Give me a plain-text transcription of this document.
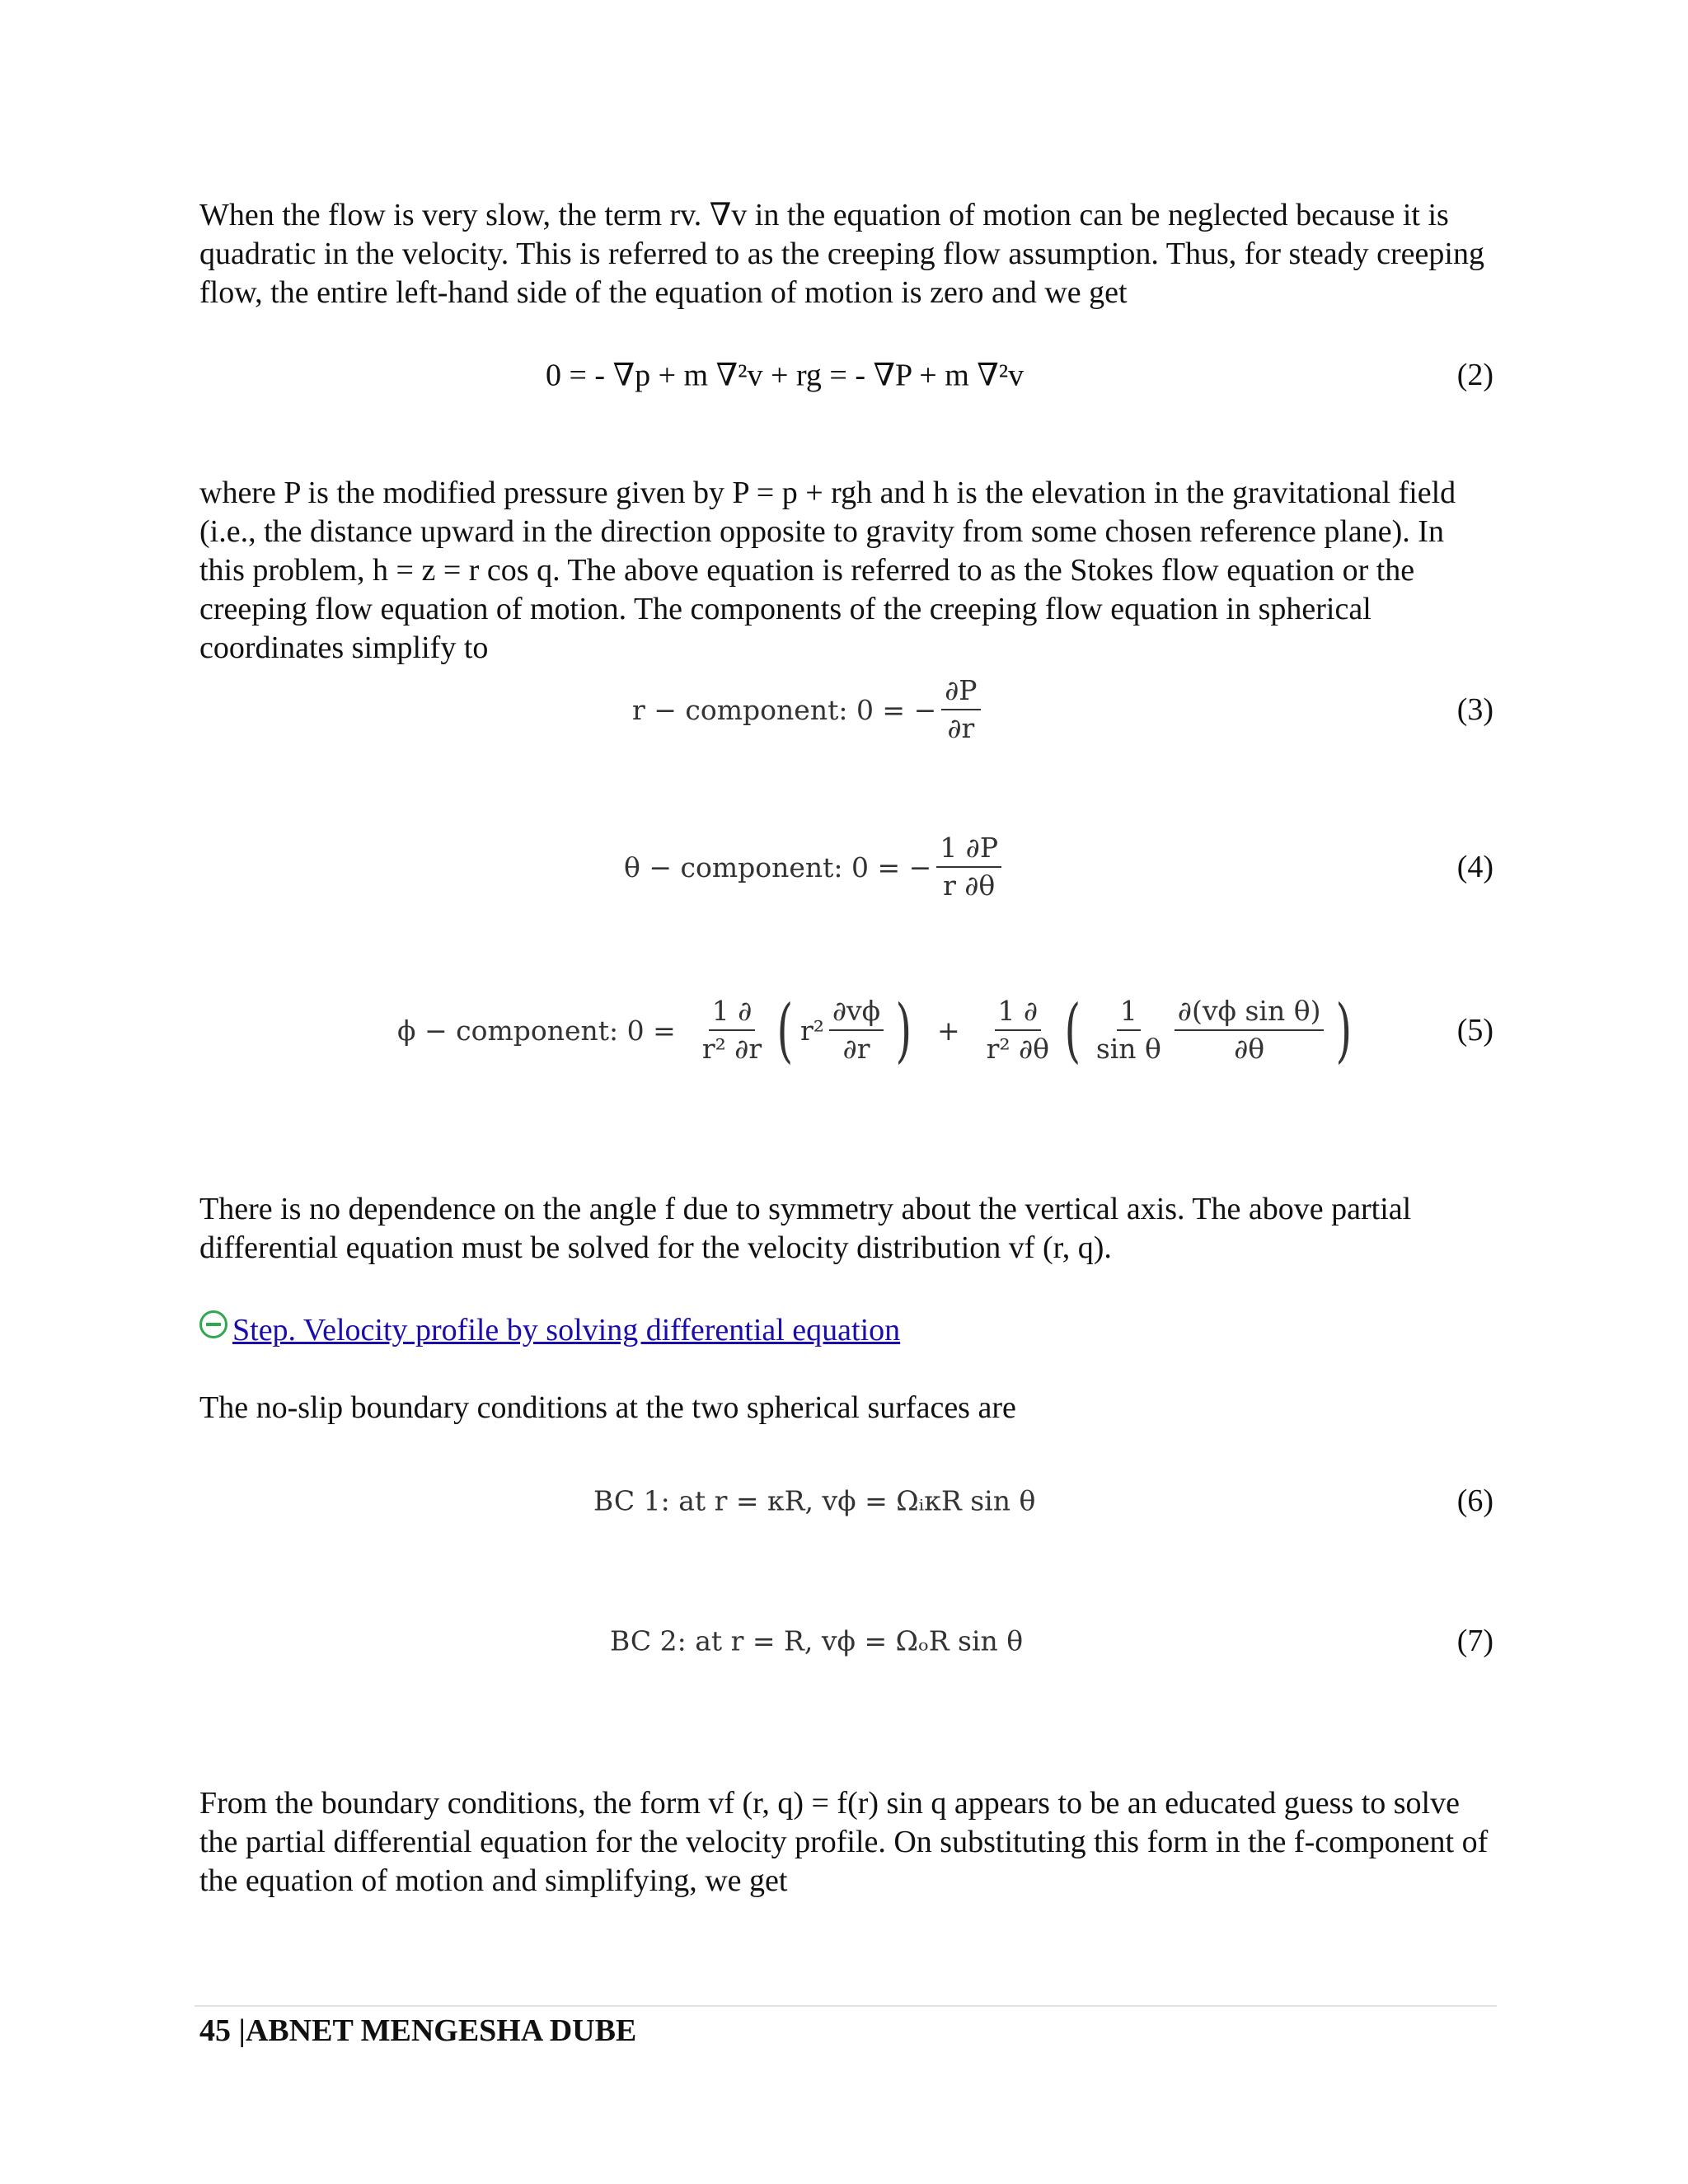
When the flow is very slow, the term rv. ∇v in the equation of motion can be neglected because it is quadratic in the velocity. This is referred to as the creeping flow assumption. Thus, for steady creeping flow, the entire left-hand side of the equation of motion is zero and we get

0 = - ∇p + m ∇²v + rg = - ∇P + m ∇²v	(2)

where P is the modified pressure given by P = p + rgh and h is the elevation in the gravitational field (i.e., the distance upward in the direction opposite to gravity from some chosen reference plane). In this problem, h = z = r cos q. The above equation is referred to as the Stokes flow equation or the creeping flow equation of motion. The components of the creeping flow equation in spherical coordinates simplify to

r − component: 0 = − $\frac{\partial P}{\partial r}$	(3)
θ − component: 0 = − $\frac{1 \partial P}{r \partial\theta}$	(4)
ϕ − component: $0 = \frac{1 \partial}{\text{r² ∂r}}$ ( $r^2 \frac{\partial v\phi}{\partial r}$ ) + $\frac{1 \partial}{\text{r² ∂θ}}$ ( $\frac{1}{\text{sin θ}} \frac{\text{∂(vϕ sin θ)}}{\partial\theta}$ )	(5)

There is no dependence on the angle f due to symmetry about the vertical axis. The above partial differential equation must be solved for the velocity distribution vf (r, q).

Step. Velocity profile by solving differential equation

The no-slip boundary conditions at the two spherical surfaces are

BC 1: at r = κR, vϕ = ΩᵢκR sin θ	(6)
BC 2: at r = R, vϕ = ΩₒR sin θ	(7)

From the boundary conditions, the form vf (r, q) = f(r) sin q appears to be an educated guess to solve the partial differential equation for the velocity profile. On substituting this form in the f-component of the equation of motion and simplifying, we get

45 |ABNET MENGESHA DUBE
